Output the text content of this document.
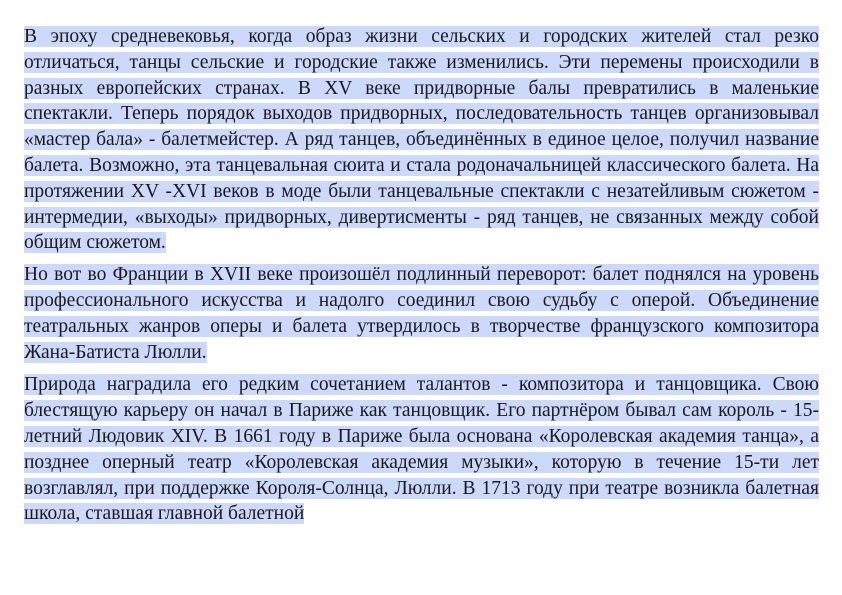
В эпоху средневековья, когда образ жизни сельских и городских жителей стал резко отличаться, танцы сельские и городские также изменились. Эти перемены происходили в разных европейских странах. В XV веке придворные балы превратились в маленькие спектакли. Теперь порядок выходов придворных, последовательность танцев организовывал «мастер бала» - балетмейстер. А ряд танцев, объединённых в единое целое, получил название балета. Возможно, эта танцевальная сюита и стала родоначальницей классического балета. На протяжении XV -XVI веков в моде были танцевальные спектакли с незатейливым сюжетом - интермедии, «выходы» придворных, дивертисменты - ряд танцев, не связанных между собой общим сюжетом.

Но вот во Франции в XVII веке произошёл подлинный переворот: балет поднялся на уровень профессионального искусства и надолго соединил свою судьбу с оперой. Объединение театральных жанров оперы и балета утвердилось в творчестве французского композитора Жана-Батиста Люлли.

Природа наградила его редким сочетанием талантов - композитора и танцовщика. Свою блестящую карьеру он начал в Париже как танцовщик. Его партнёром бывал сам король - 15-летний Людовик XIV. В 1661 году в Париже была основана «Королевская академия танца», а позднее оперный театр «Королевская академия музыки», которую в течение 15-ти лет возглавлял, при поддержке Короля-Солнца, Люлли. В 1713 году при театре возникла балетная школа, ставшая главной балетной
